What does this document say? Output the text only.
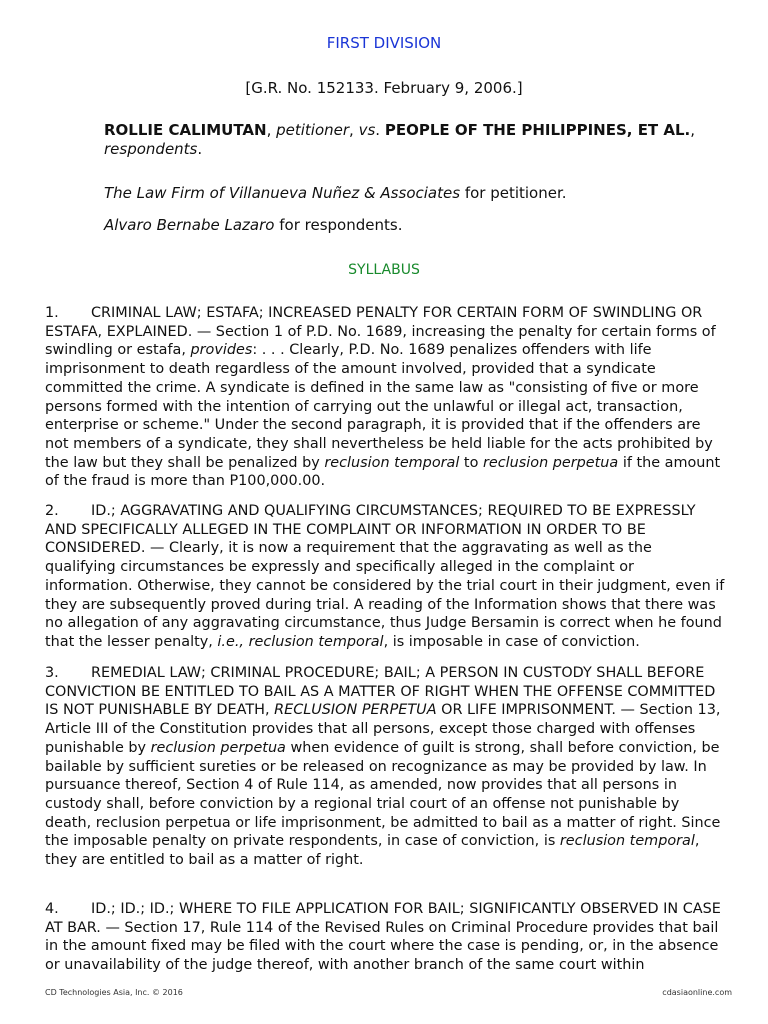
FIRST DIVISION
[G.R. No. 152133. February 9, 2006.]
ROLLIE CALIMUTAN, petitioner, vs. PEOPLE OF THE PHILIPPINES, ET AL., respondents.
The Law Firm of Villanueva Nuñez & Associates for petitioner.
Alvaro Bernabe Lazaro for respondents.
SYLLABUS
1. CRIMINAL LAW; ESTAFA; INCREASED PENALTY FOR CERTAIN FORM OF SWINDLING OR ESTAFA, EXPLAINED. — Section 1 of P.D. No. 1689, increasing the penalty for certain forms of swindling or estafa, provides: . . . Clearly, P.D. No. 1689 penalizes offenders with life imprisonment to death regardless of the amount involved, provided that a syndicate committed the crime. A syndicate is defined in the same law as "consisting of five or more persons formed with the intention of carrying out the unlawful or illegal act, transaction, enterprise or scheme." Under the second paragraph, it is provided that if the offenders are not members of a syndicate, they shall nevertheless be held liable for the acts prohibited by the law but they shall be penalized by reclusion temporal to reclusion perpetua if the amount of the fraud is more than P100,000.00.
2. ID.; AGGRAVATING AND QUALIFYING CIRCUMSTANCES; REQUIRED TO BE EXPRESSLY AND SPECIFICALLY ALLEGED IN THE COMPLAINT OR INFORMATION IN ORDER TO BE CONSIDERED. — Clearly, it is now a requirement that the aggravating as well as the qualifying circumstances be expressly and specifically alleged in the complaint or information. Otherwise, they cannot be considered by the trial court in their judgment, even if they are subsequently proved during trial. A reading of the Information shows that there was no allegation of any aggravating circumstance, thus Judge Bersamin is correct when he found that the lesser penalty, i.e., reclusion temporal, is imposable in case of conviction.
3. REMEDIAL LAW; CRIMINAL PROCEDURE; BAIL; A PERSON IN CUSTODY SHALL BEFORE CONVICTION BE ENTITLED TO BAIL AS A MATTER OF RIGHT WHEN THE OFFENSE COMMITTED IS NOT PUNISHABLE BY DEATH, RECLUSION PERPETUA OR LIFE IMPRISONMENT. — Section 13, Article III of the Constitution provides that all persons, except those charged with offenses punishable by reclusion perpetua when evidence of guilt is strong, shall before conviction, be bailable by sufficient sureties or be released on recognizance as may be provided by law. In pursuance thereof, Section 4 of Rule 114, as amended, now provides that all persons in custody shall, before conviction by a regional trial court of an offense not punishable by death, reclusion perpetua or life imprisonment, be admitted to bail as a matter of right. Since the imposable penalty on private respondents, in case of conviction, is reclusion temporal, they are entitled to bail as a matter of right.
4. ID.; ID.; ID.; WHERE TO FILE APPLICATION FOR BAIL; SIGNIFICANTLY OBSERVED IN CASE AT BAR. — Section 17, Rule 114 of the Revised Rules on Criminal Procedure provides that bail in the amount fixed may be filed with the court where the case is pending, or, in the absence or unavailability of the judge thereof, with another branch of the same court within
CD Technologies Asia, Inc. © 2016	cdasiaonline.com
